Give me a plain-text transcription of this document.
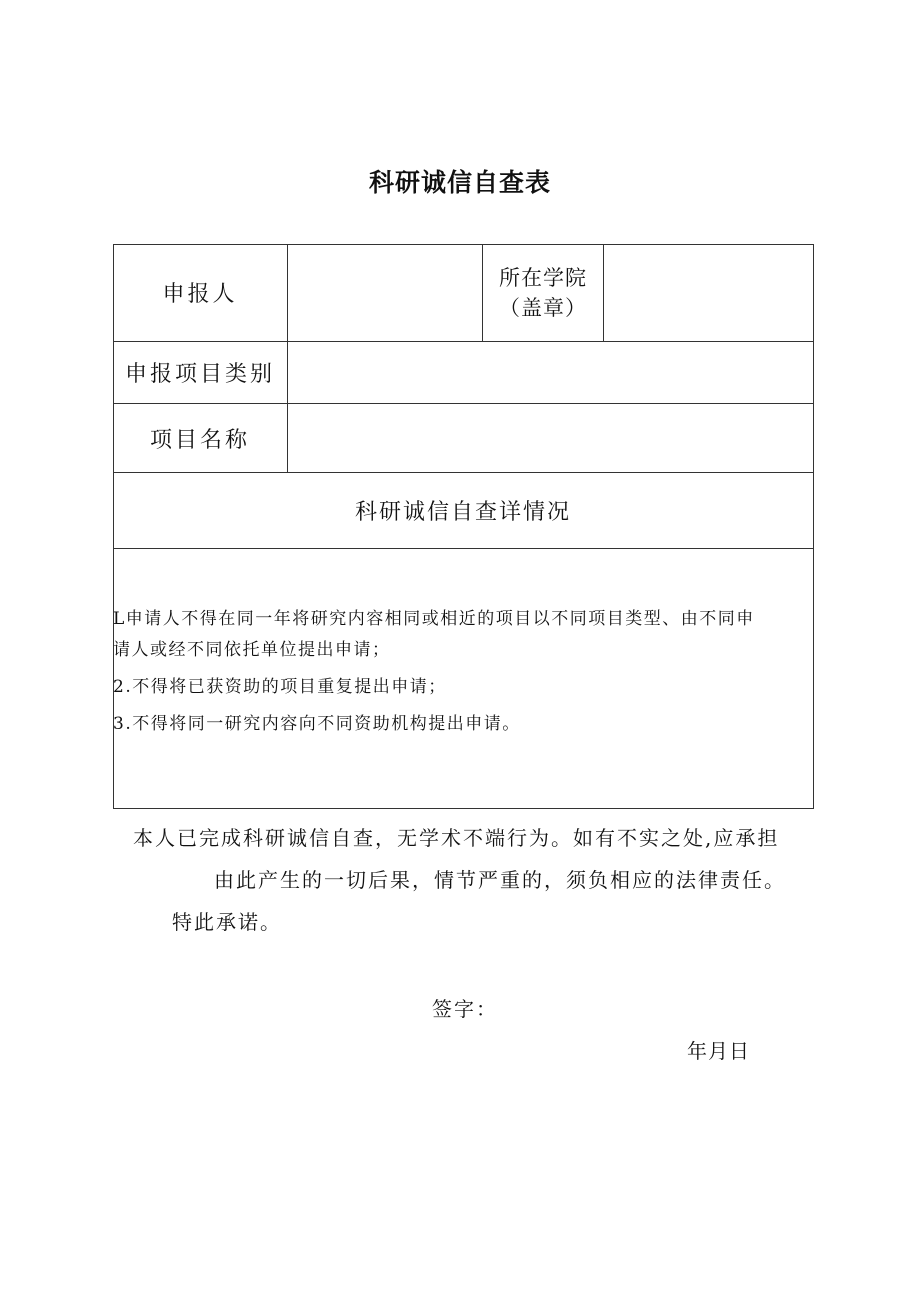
科研诚信自查表
申报人
所在学院
（盖章）
申报项目类别
项目名称
科研诚信自查详情况
L申请人不得在同一年将研究内容相同或相近的项目以不同项目类型、由不同申
请人或经不同依托单位提出申请；
2.不得将已获资助的项目重复提出申请；
3.不得将同一研究内容向不同资助机构提出申请。
本人已完成科研诚信自查，无学术不端行为。如有不实之处,应承担
由此产生的一切后果，情节严重的，须负相应的法律责任。
特此承诺。
签字：
年月日
